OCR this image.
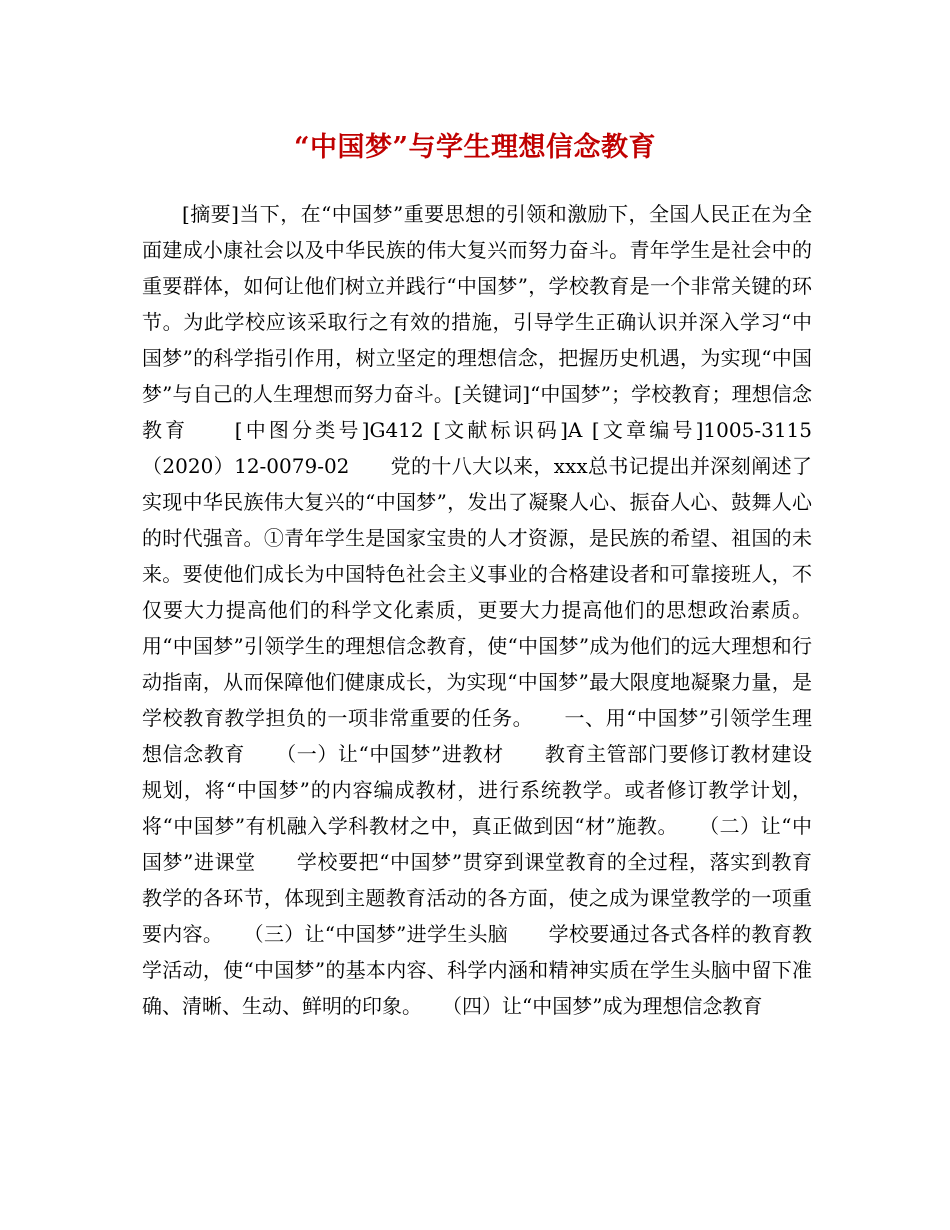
“中国梦”与学生理想信念教育

[摘要]当下，在“中国梦”重要思想的引领和激励下，全国人民正在为全面建成小康社会以及中华民族的伟大复兴而努力奋斗。青年学生是社会中的重要群体，如何让他们树立并践行“中国梦”，学校教育是一个非常关键的环节。为此学校应该采取行之有效的措施，引导学生正确认识并深入学习“中国梦”的科学指引作用，树立坚定的理想信念，把握历史机遇，为实现“中国梦”与自己的人生理想而努力奋斗。[关键词]“中国梦”；学校教育；理想信念教育　　[中图分类号]G412 [文献标识码]A [文章编号]1005-3115（2020）12-0079-02　　党的十八大以来，xxx总书记提出并深刻阐述了实现中华民族伟大复兴的“中国梦”，发出了凝聚人心、振奋人心、鼓舞人心的时代强音。①青年学生是国家宝贵的人才资源，是民族的希望、祖国的未来。要使他们成长为中国特色社会主义事业的合格建设者和可靠接班人，不仅要大力提高他们的科学文化素质，更要大力提高他们的思想政治素质。用“中国梦”引领学生的理想信念教育，使“中国梦”成为他们的远大理想和行动指南，从而保障他们健康成长，为实现“中国梦”最大限度地凝聚力量，是学校教育教学担负的一项非常重要的任务。　　一、用“中国梦”引领学生理想信念教育　　（一）让“中国梦”进教材　　教育主管部门要修订教材建设规划，将“中国梦”的内容编成教材，进行系统教学。或者修订教学计划，将“中国梦”有机融入学科教材之中，真正做到因“材”施教。　　（二）让“中国梦”进课堂　　学校要把“中国梦”贯穿到课堂教育的全过程，落实到教育教学的各环节，体现到主题教育活动的各方面，使之成为课堂教学的一项重要内容。　　（三）让“中国梦”进学生头脑　　学校要通过各式各样的教育教学活动，使“中国梦”的基本内容、科学内涵和精神实质在学生头脑中留下准确、清晰、生动、鲜明的印象。　　（四）让“中国梦”成为理想信念教育
